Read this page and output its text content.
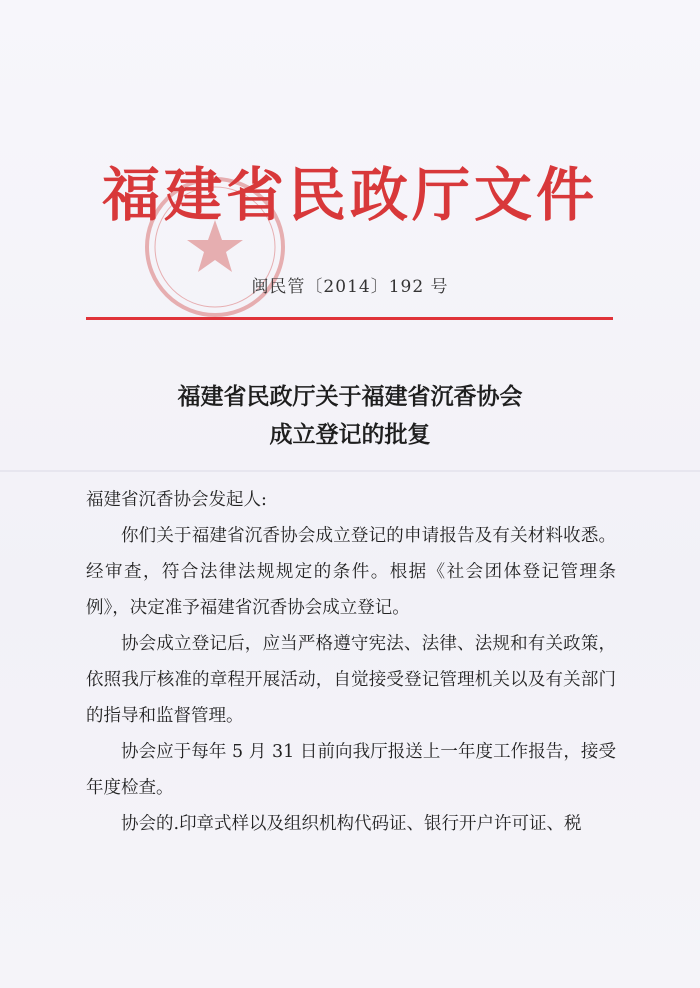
福建省民政厅文件
闽民管〔2014〕192 号
福建省民政厅关于福建省沉香协会
成立登记的批复

福建省沉香协会发起人:

你们关于福建省沉香协会成立登记的申请报告及有关材料收悉。经审查，符合法律法规规定的条件。根据《社会团体登记管理条例》，决定准予福建省沉香协会成立登记。

协会成立登记后，应当严格遵守宪法、法律、法规和有关政策，依照我厅核准的章程开展活动，自觉接受登记管理机关以及有关部门的指导和监督管理。

协会应于每年 5 月 31 日前向我厅报送上一年度工作报告，接受年度检查。

协会的.印章式样以及组织机构代码证、银行开户许可证、税
